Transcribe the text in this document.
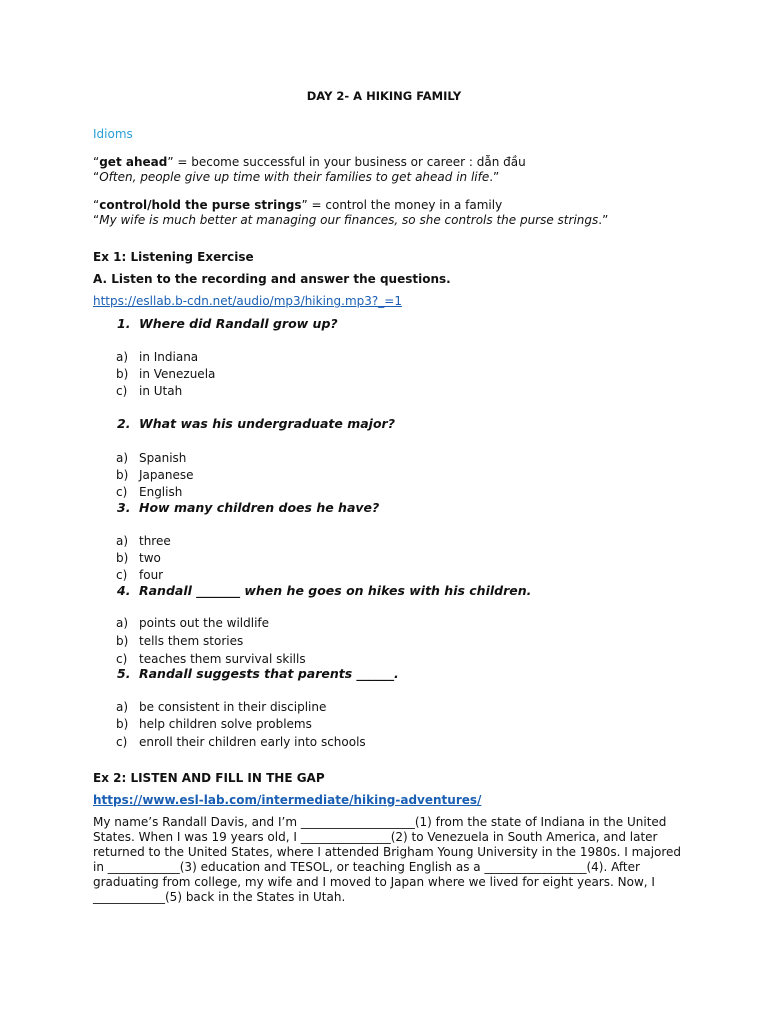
DAY 2- A HIKING FAMILY
Idioms
“get ahead” = become successful in your business or career : dẫn đầu
“Often, people give up time with their families to get ahead in life.”
“control/hold the purse strings” = control the money in a family
“My wife is much better at managing our finances, so she controls the purse strings.”
Ex 1: Listening Exercise
A. Listen to the recording and answer the questions.
https://esllab.b-cdn.net/audio/mp3/hiking.mp3?_=1
1. Where did Randall grow up?
a) in Indiana
b) in Venezuela
c) in Utah
2. What was his undergraduate major?
a) Spanish
b) Japanese
c) English
3. How many children does he have?
a) three
b) two
c) four
4. Randall _______ when he goes on hikes with his children.
a) points out the wildlife
b) tells them stories
c) teaches them survival skills
5. Randall suggests that parents ______.
a) be consistent in their discipline
b) help children solve problems
c) enroll their children early into schools
Ex 2: LISTEN AND FILL IN THE GAP
https://www.esl-lab.com/intermediate/hiking-adventures/
My name’s Randall Davis, and I’m ___________________(1) from the state of Indiana in the United States. When I was 19 years old, I _______________(2) to Venezuela in South America, and later returned to the United States, where I attended Brigham Young University in the 1980s. I majored in ____________(3) education and TESOL, or teaching English as a _________________(4). After graduating from college, my wife and I moved to Japan where we lived for eight years. Now, I ____________(5) back in the States in Utah.
